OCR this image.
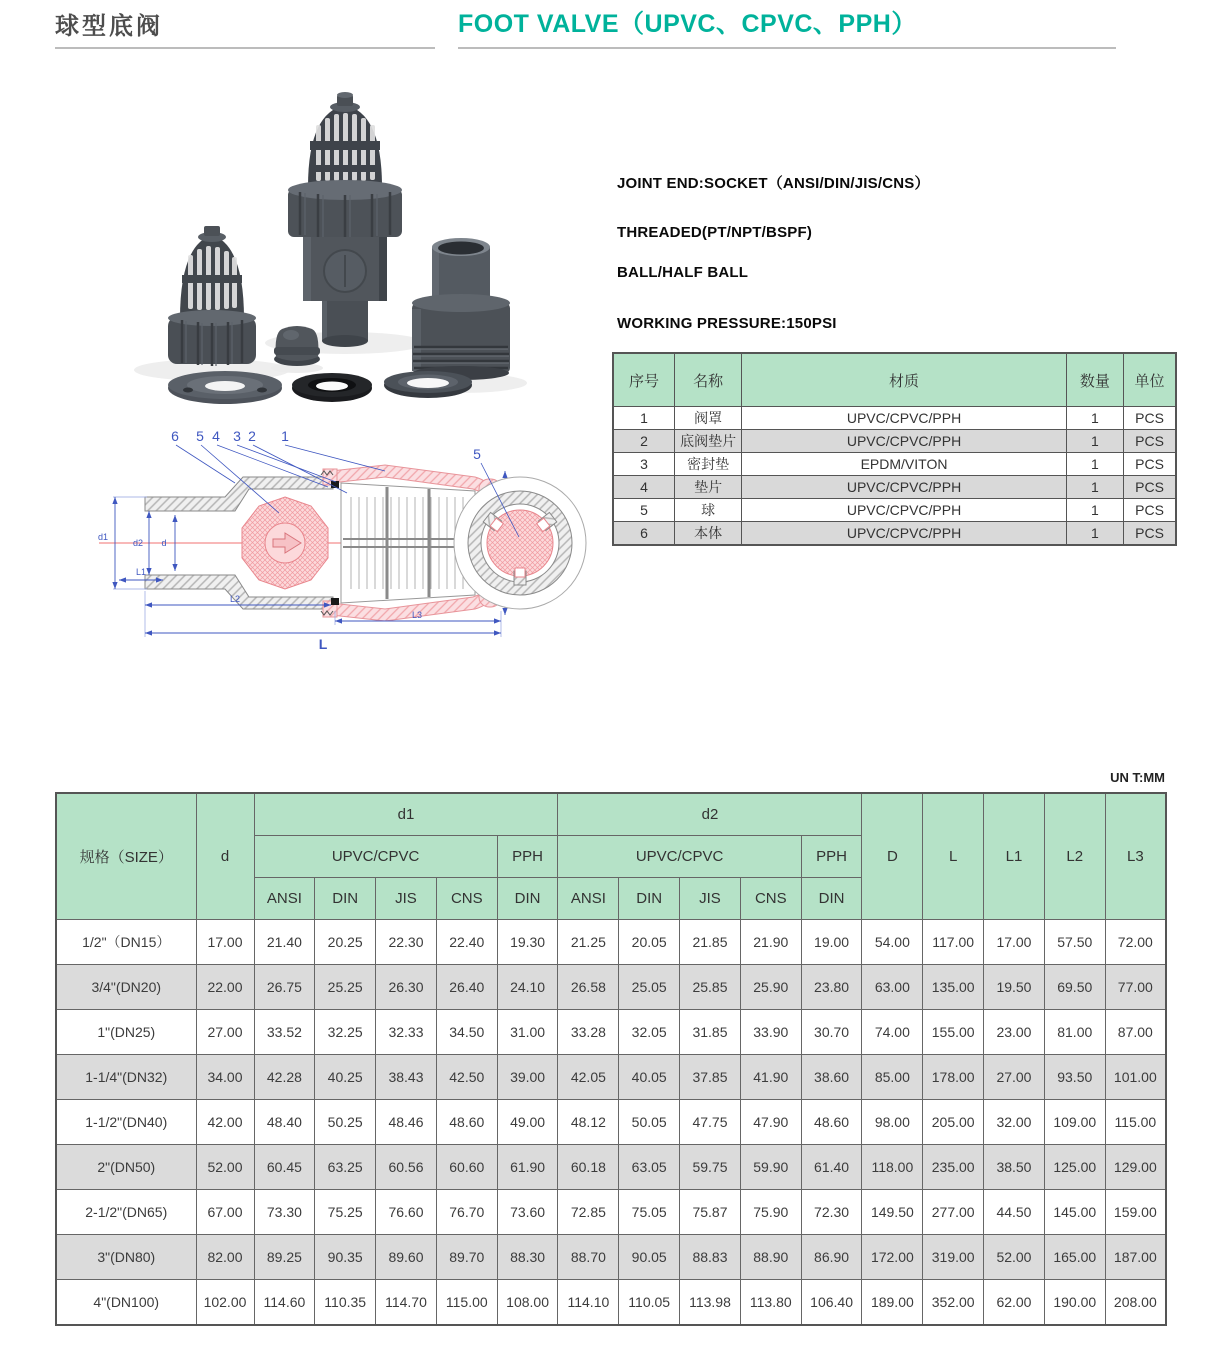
球型底阀	FOOT VALVE（UPVC、CPVC、PPH）

JOINT END:SOCKET（ANSI/DIN/JIS/CNS）

THREADED(PT/NPT/BSPF)

BALL/HALF BALL

WORKING PRESSURE:150PSI

序号	名称	材质	数量	单位
1	阀罩	UPVC/CPVC/PPH	1	PCS
2	底阀垫片	UPVC/CPVC/PPH	1	PCS
3	密封垫	EPDM/VITON	1	PCS
4	垫片	UPVC/CPVC/PPH	1	PCS
5	球	UPVC/CPVC/PPH	1	PCS
6	本体	UPVC/CPVC/PPH	1	PCS
d1
d2 d
L1
L2
L3
L
6 5 4 3 2 1
5
UN T:MM
规格（SIZE）	d	d1					d2					D	L	L1	L2	L3
		UPVC/CPVC				PPH	UPVC/CPVC				PPH					
		ANSI	DIN	JIS	CNS	DIN	ANSI	DIN	JIS	CNS	DIN					
1/2"（DN15）	17.00	21.40	20.25	22.30	22.40	19.30	21.25	20.05	21.85	21.90	19.00	54.00	117.00	17.00	57.50	72.00
3/4"(DN20)	22.00	26.75	25.25	26.30	26.40	24.10	26.58	25.05	25.85	25.90	23.80	63.00	135.00	19.50	69.50	77.00
1"(DN25)	27.00	33.52	32.25	32.33	34.50	31.00	33.28	32.05	31.85	33.90	30.70	74.00	155.00	23.00	81.00	87.00
1-1/4"(DN32)	34.00	42.28	40.25	38.43	42.50	39.00	42.05	40.05	37.85	41.90	38.60	85.00	178.00	27.00	93.50	101.00
1-1/2"(DN40)	42.00	48.40	50.25	48.46	48.60	49.00	48.12	50.05	47.75	47.90	48.60	98.00	205.00	32.00	109.00	115.00
2"(DN50)	52.00	60.45	63.25	60.56	60.60	61.90	60.18	63.05	59.75	59.90	61.40	118.00	235.00	38.50	125.00	129.00
2-1/2"(DN65)	67.00	73.30	75.25	76.60	76.70	73.60	72.85	75.05	75.87	75.90	72.30	149.50	277.00	44.50	145.00	159.00
3"(DN80)	82.00	89.25	90.35	89.60	89.70	88.30	88.70	90.05	88.83	88.90	86.90	172.00	319.00	52.00	165.00	187.00
4"(DN100)	102.00	114.60	110.35	114.70	115.00	108.00	114.10	110.05	113.98	113.80	106.40	189.00	352.00	62.00	190.00	208.00
